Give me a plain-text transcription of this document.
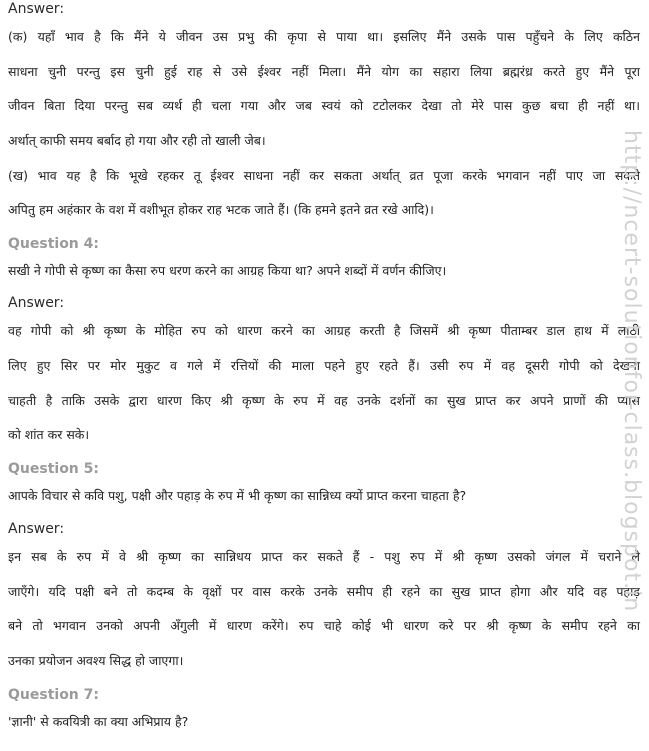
Answer:
(क) यहाँ भाव है कि मैंने ये जीवन उस प्रभु की कृपा से पाया था। इसलिए मैंने उसके पास पहुँचने के लिए कठिन
साधना चुनी परन्तु इस चुनी हुई राह से उसे ईश्वर नहीं मिला। मैंने योग का सहारा लिया ब्रह्मरंध्र करते हुए मैंने पूरा
जीवन बिता दिया परन्तु सब व्यर्थ ही चला गया और जब स्वयं को टटोलकर देखा तो मेरे पास कुछ बचा ही नहीं था।
अर्थात्‌ काफी समय बर्बाद हो गया और रही तो खाली जेब।
(ख) भाव यह है कि भूखे रहकर तू ईश्वर साधना नहीं कर सकता अर्थात्‌ व्रत पूजा करके भगवान नहीं पाए जा सकते
अपितु हम अहंकार के वश में वशीभूत होकर राह भटक जाते हैं। (कि हमने इतने व्रत रखे आदि)।
Question 4:
सखी ने गोपी से कृष्ण का कैसा रुप धरण करने का आग्रह किया था? अपने शब्दों में वर्णन कीजिए।
Answer:
वह गोपी को श्री कृष्ण के मोहित रुप को धारण करने का आग्रह करती है जिसमें श्री कृष्ण पीताम्बर डाल हाथ में लाठी
लिए हुए सिर पर मोर मुकुट व गले में रत्तियों की माला पहने हुए रहते हैं। उसी रुप में वह दूसरी गोपी को देखना
चाहती है ताकि उसके द्वारा धारण किए श्री कृष्ण के रुप में वह उनके दर्शनों का सुख प्राप्त कर अपने प्राणों की प्यास
को शांत कर सके।
Question 5:
आपके विचार से कवि पशु, पक्षी और पहाड़ के रुप में भी कृष्ण का सान्निध्य क्यों प्राप्त करना चाहता है?
Answer:
इन सब के रुप में वे श्री कृष्ण का सान्निधय प्राप्त कर सकते हैं - पशु रुप में श्री कृष्ण उसको जंगल में चराने ले
जाएँगे। यदि पक्षी बने तो कदम्ब के वृक्षों पर वास करके उनके समीप ही रहने का सुख प्राप्त होगा और यदि वह पहाड़
बने तो भगवान उनको अपनी अँगुली में धारण करेंगे। रुप चाहे कोई भी धारण करे पर श्री कृष्ण के समीप रहने का
उनका प्रयोजन अवश्य सिद्ध हो जाएगा।
Question 7:
'ज्ञानी' से कवयित्री का क्या अभिप्राय है?
http://ncert-solutionfor-class.blogspot.in
